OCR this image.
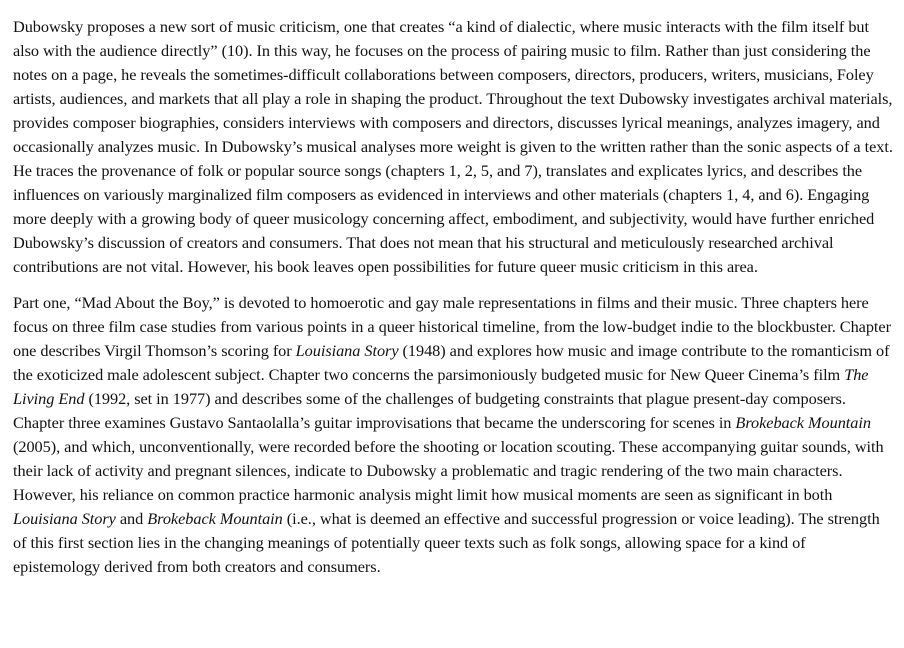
Dubowsky proposes a new sort of music criticism, one that creates “a kind of dialectic, where music interacts with the film itself but also with the audience directly” (10). In this way, he focuses on the process of pairing music to film. Rather than just considering the notes on a page, he reveals the sometimes-difficult collaborations between composers, directors, producers, writers, musicians, Foley artists, audiences, and markets that all play a role in shaping the product. Throughout the text Dubowsky investigates archival materials, provides composer biographies, considers interviews with composers and directors, discusses lyrical meanings, analyzes imagery, and occasionally analyzes music. In Dubowsky’s musical analyses more weight is given to the written rather than the sonic aspects of a text. He traces the provenance of folk or popular source songs (chapters 1, 2, 5, and 7), translates and explicates lyrics, and describes the influences on variously marginalized film composers as evidenced in interviews and other materials (chapters 1, 4, and 6). Engaging more deeply with a growing body of queer musicology concerning affect, embodiment, and subjectivity, would have further enriched Dubowsky’s discussion of creators and consumers. That does not mean that his structural and meticulously researched archival contributions are not vital. However, his book leaves open possibilities for future queer music criticism in this area.

Part one, “Mad About the Boy,” is devoted to homoerotic and gay male representations in films and their music. Three chapters here focus on three film case studies from various points in a queer historical timeline, from the low-budget indie to the blockbuster. Chapter one describes Virgil Thomson’s scoring for Louisiana Story (1948) and explores how music and image contribute to the romanticism of the exoticized male adolescent subject. Chapter two concerns the parsimoniously budgeted music for New Queer Cinema’s film The Living End (1992, set in 1977) and describes some of the challenges of budgeting constraints that plague present-day composers. Chapter three examines Gustavo Santaolalla’s guitar improvisations that became the underscoring for scenes in Brokeback Mountain (2005), and which, unconventionally, were recorded before the shooting or location scouting. These accompanying guitar sounds, with their lack of activity and pregnant silences, indicate to Dubowsky a problematic and tragic rendering of the two main characters. However, his reliance on common practice harmonic analysis might limit how musical moments are seen as significant in both Louisiana Story and Brokeback Mountain (i.e., what is deemed an effective and successful progression or voice leading). The strength of this first section lies in the changing meanings of potentially queer texts such as folk songs, allowing space for a kind of epistemology derived from both creators and consumers.
